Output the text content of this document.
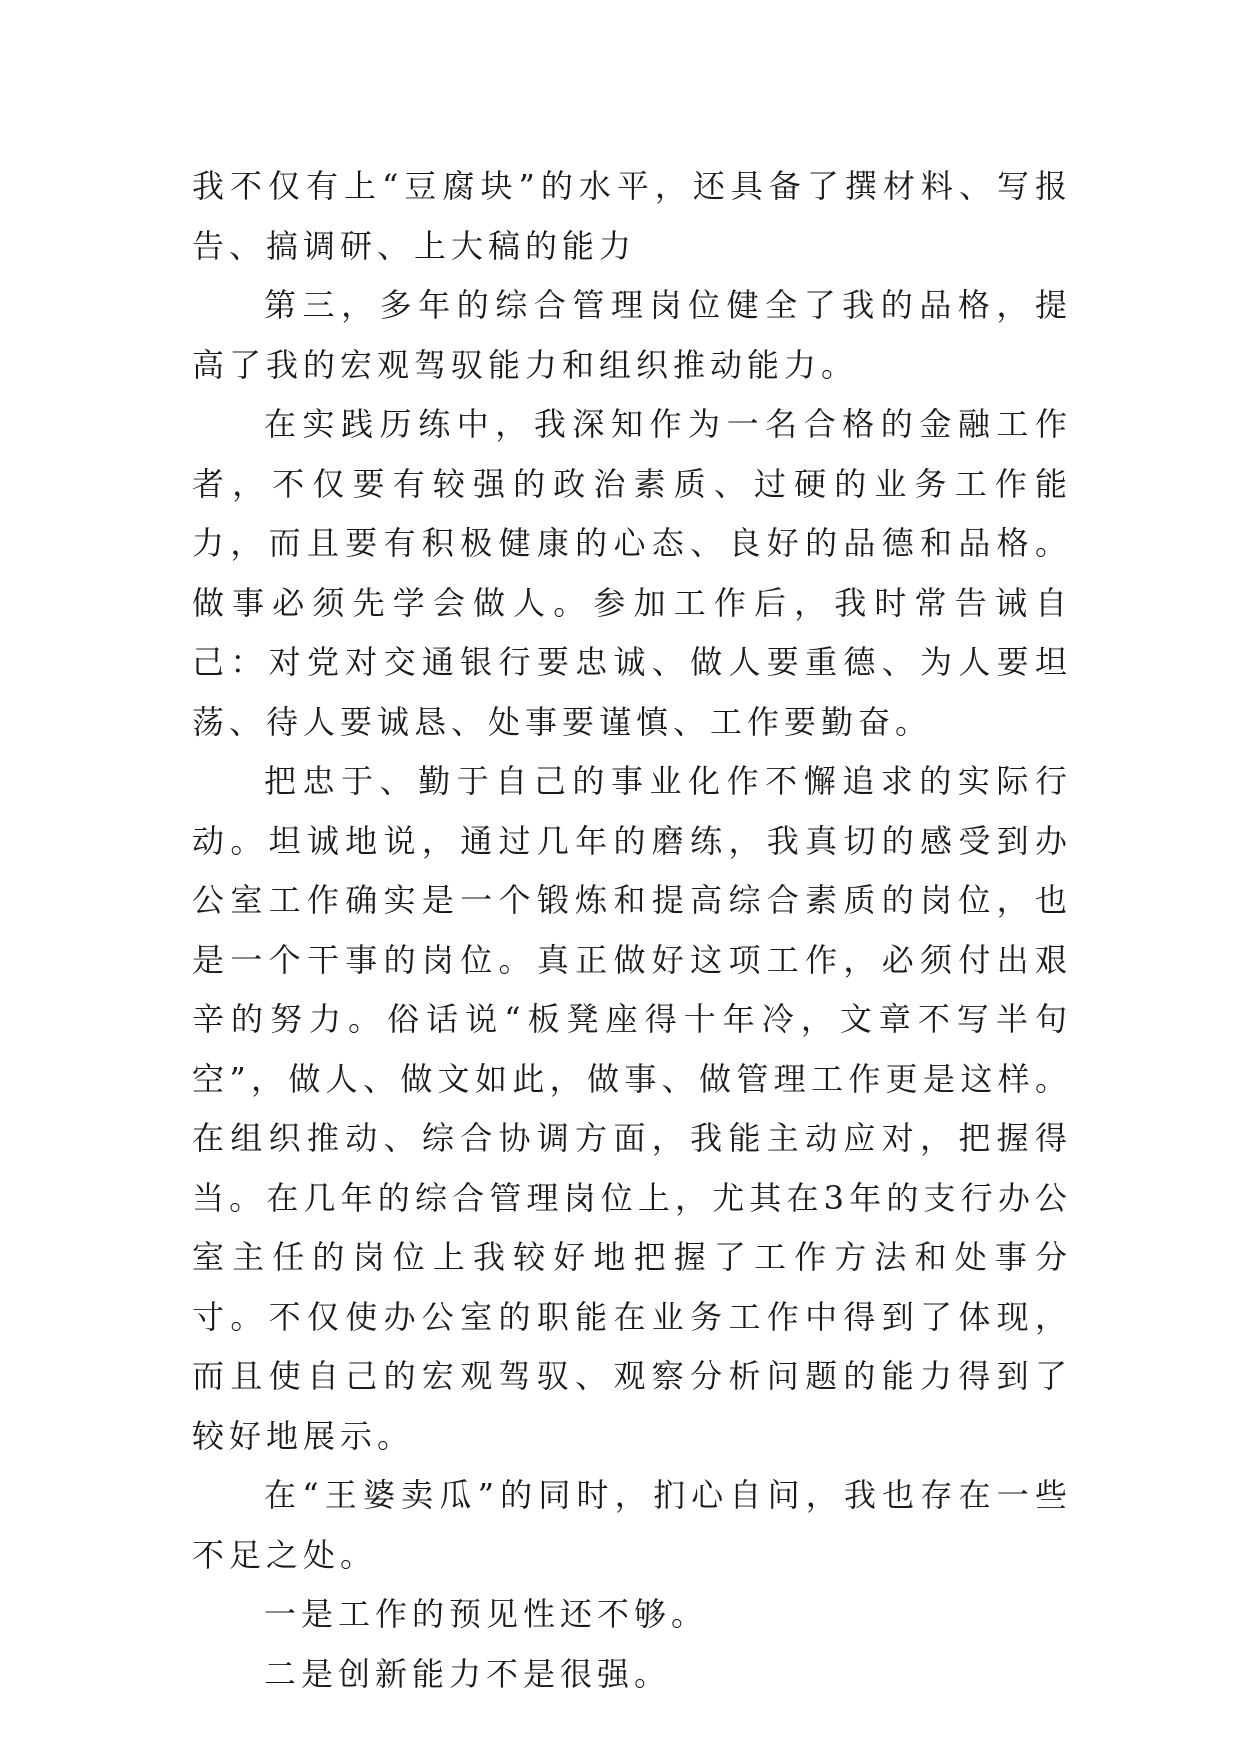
我不仅有上“豆腐块”的水平，还具备了撰材料、写报告、搞调研、上大稿的能力

第三，多年的综合管理岗位健全了我的品格，提高了我的宏观驾驭能力和组织推动能力。

在实践历练中，我深知作为一名合格的金融工作者，不仅要有较强的政治素质、过硬的业务工作能力，而且要有积极健康的心态、良好的品德和品格。做事必须先学会做人。参加工作后，我时常告诫自己：对党对交通银行要忠诚、做人要重德、为人要坦荡、待人要诚恳、处事要谨慎、工作要勤奋。

把忠于、勤于自己的事业化作不懈追求的实际行动。坦诚地说，通过几年的磨练，我真切的感受到办公室工作确实是一个锻炼和提高综合素质的岗位，也是一个干事的岗位。真正做好这项工作，必须付出艰辛的努力。俗话说“板凳座得十年冷，文章不写半句空”，做人、做文如此，做事、做管理工作更是这样。在组织推动、综合协调方面，我能主动应对，把握得当。在几年的综合管理岗位上，尤其在3年的支行办公室主任的岗位上我较好地把握了工作方法和处事分寸。不仅使办公室的职能在业务工作中得到了体现，而且使自己的宏观驾驭、观察分析问题的能力得到了较好地展示。

在“王婆卖瓜”的同时，扪心自问，我也存在一些不足之处。

一是工作的预见性还不够。

二是创新能力不是很强。
